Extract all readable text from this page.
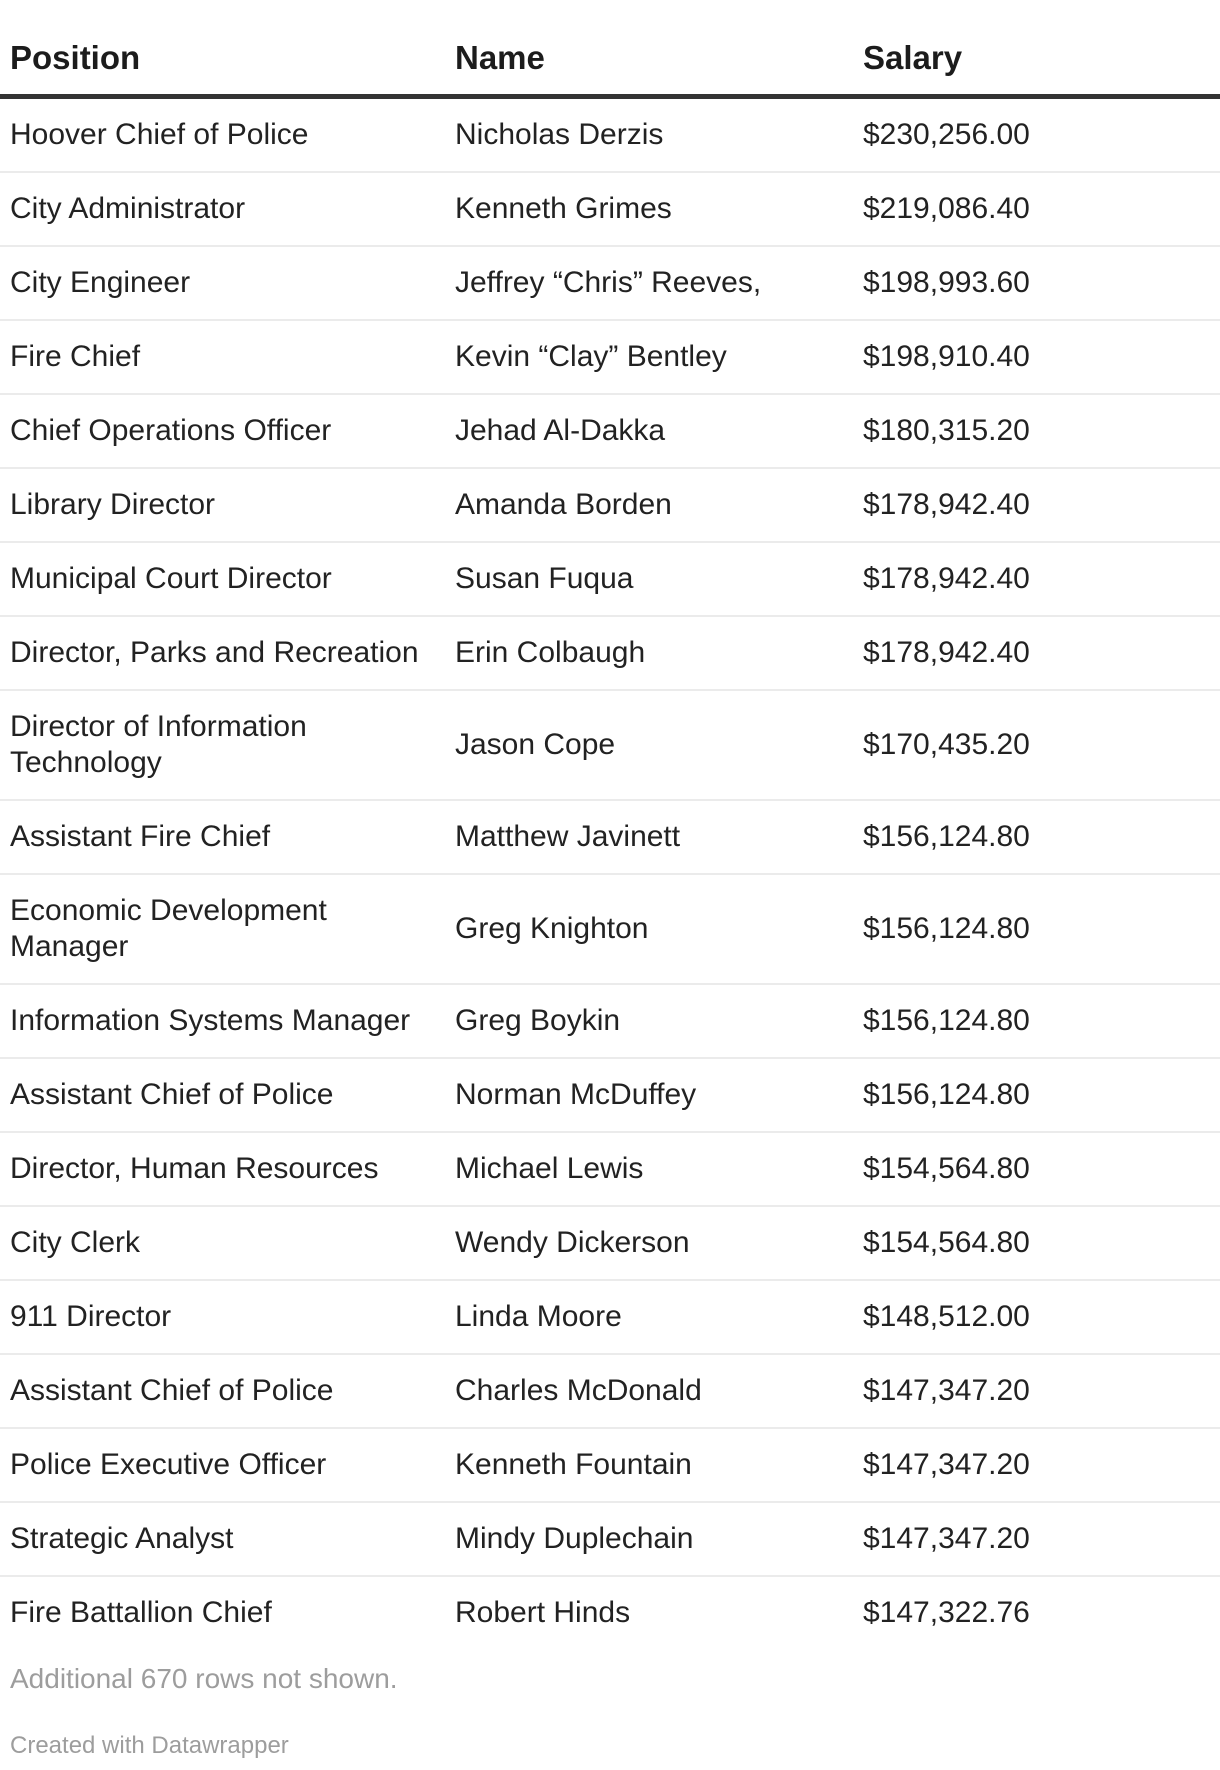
Position	Name	Salary
Hoover Chief of Police	Nicholas Derzis	$230,256.00
City Administrator	Kenneth Grimes	$219,086.40
City Engineer	Jeffrey “Chris” Reeves,	$198,993.60
Fire Chief	Kevin “Clay” Bentley	$198,910.40
Chief Operations Officer	Jehad Al-Dakka	$180,315.20
Library Director	Amanda Borden	$178,942.40
Municipal Court Director	Susan Fuqua	$178,942.40
Director, Parks and Recreation	Erin Colbaugh	$178,942.40
Director of Information Technology	Jason Cope	$170,435.20
Assistant Fire Chief	Matthew Javinett	$156,124.80
Economic Development Manager	Greg Knighton	$156,124.80
Information Systems Manager	Greg Boykin	$156,124.80
Assistant Chief of Police	Norman McDuffey	$156,124.80
Director, Human Resources	Michael Lewis	$154,564.80
City Clerk	Wendy Dickerson	$154,564.80
911 Director	Linda Moore	$148,512.00
Assistant Chief of Police	Charles McDonald	$147,347.20
Police Executive Officer	Kenneth Fountain	$147,347.20
Strategic Analyst	Mindy Duplechain	$147,347.20
Fire Battallion Chief	Robert Hinds	$147,322.76
Additional 670 rows not shown.
Created with Datawrapper
